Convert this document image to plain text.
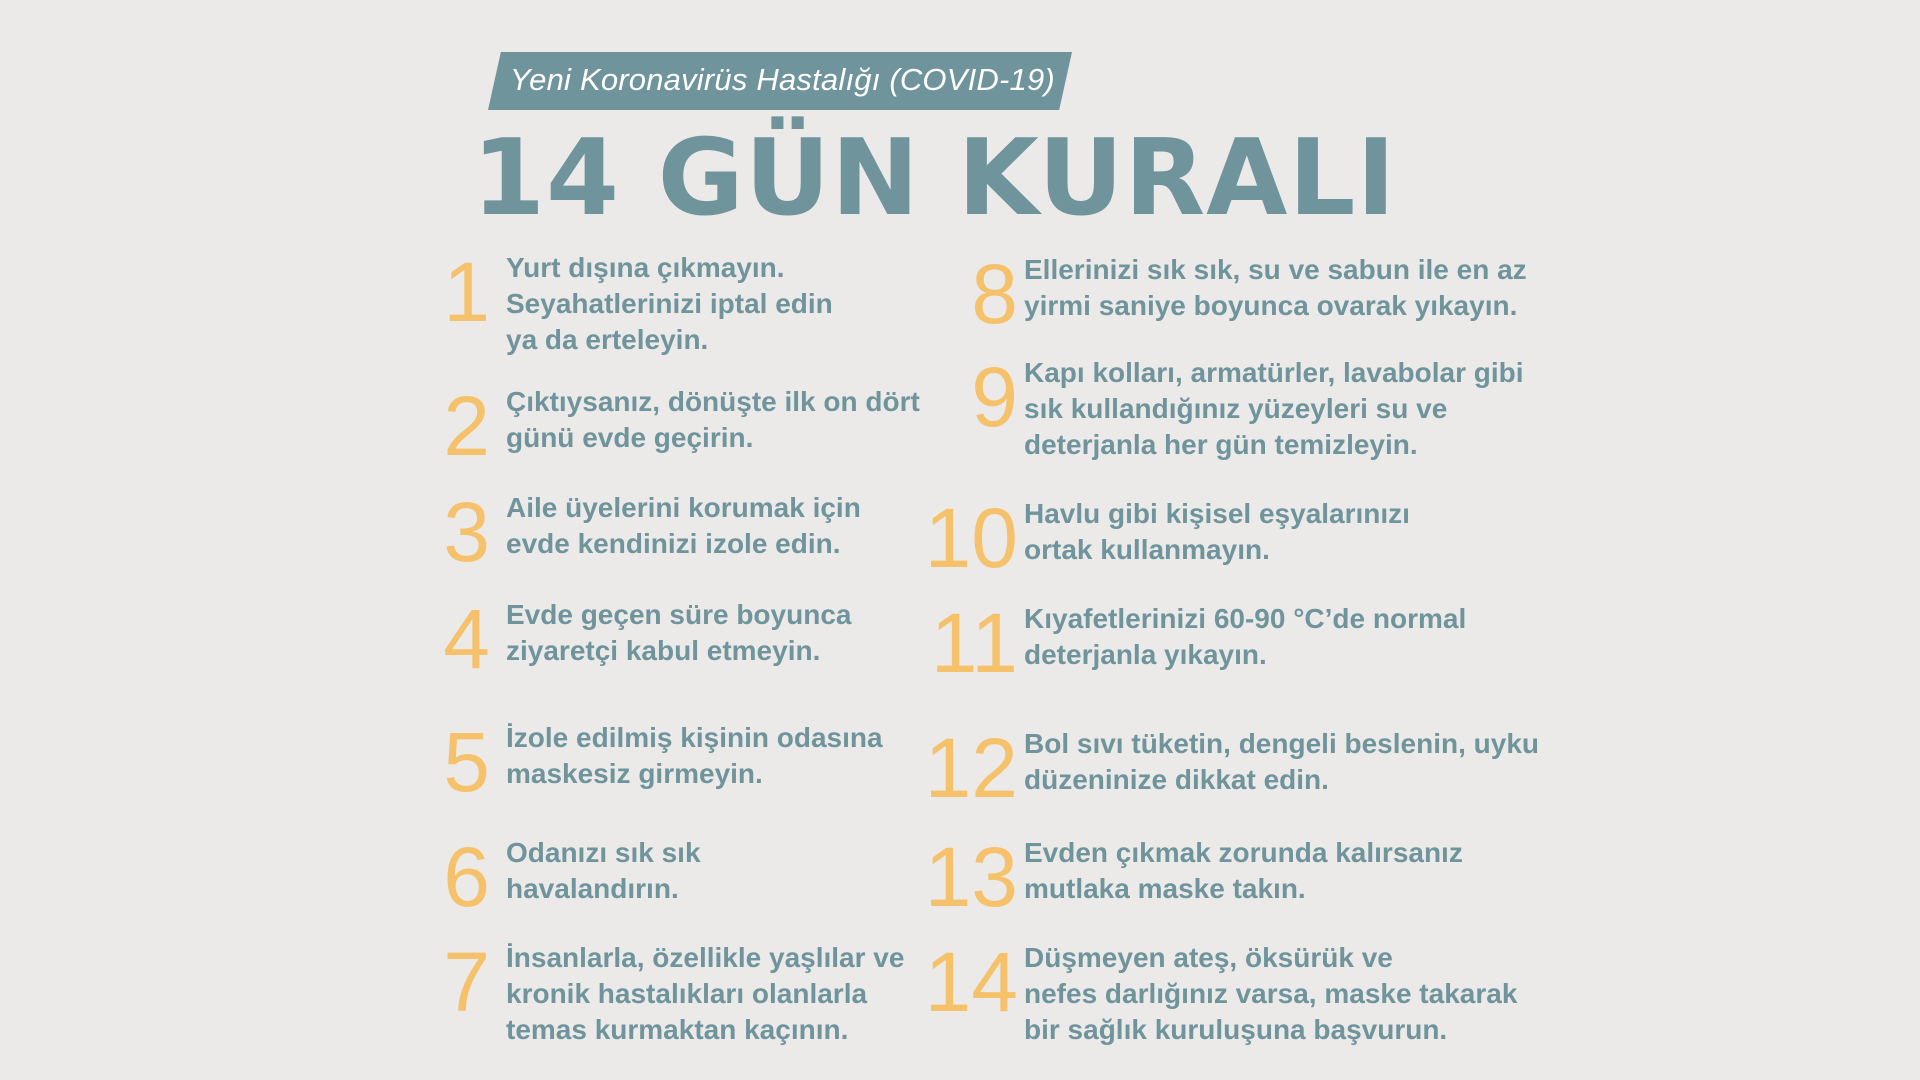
Yeni Koronavirüs Hastalığı (COVID-19)
14 GÜN KURALI
1 Yurt dışına çıkmayın.
Seyahatlerinizi iptal edin
ya da erteleyin.
2 Çıktıysanız, dönüşte ilk on dört
günü evde geçirin.
3 Aile üyelerini korumak için
evde kendinizi izole edin.
4 Evde geçen süre boyunca
ziyaretçi kabul etmeyin.
5 İzole edilmiş kişinin odasına
maskesiz girmeyin.
6 Odanızı sık sık
havalandırın.
7 İnsanlarla, özellikle yaşlılar ve
kronik hastalıkları olanlarla
temas kurmaktan kaçının.
8 Ellerinizi sık sık, su ve sabun ile en az
yirmi saniye boyunca ovarak yıkayın.
9 Kapı kolları, armatürler, lavabolar gibi
sık kullandığınız yüzeyleri su ve
deterjanla her gün temizleyin.
10 Havlu gibi kişisel eşyalarınızı
ortak kullanmayın.
11 Kıyafetlerinizi 60-90 °C’de normal
deterjanla yıkayın.
12 Bol sıvı tüketin, dengeli beslenin, uyku
düzeninize dikkat edin.
13 Evden çıkmak zorunda kalırsanız
mutlaka maske takın.
14 Düşmeyen ateş, öksürük ve
nefes darlığınız varsa, maske takarak
bir sağlık kuruluşuna başvurun.
